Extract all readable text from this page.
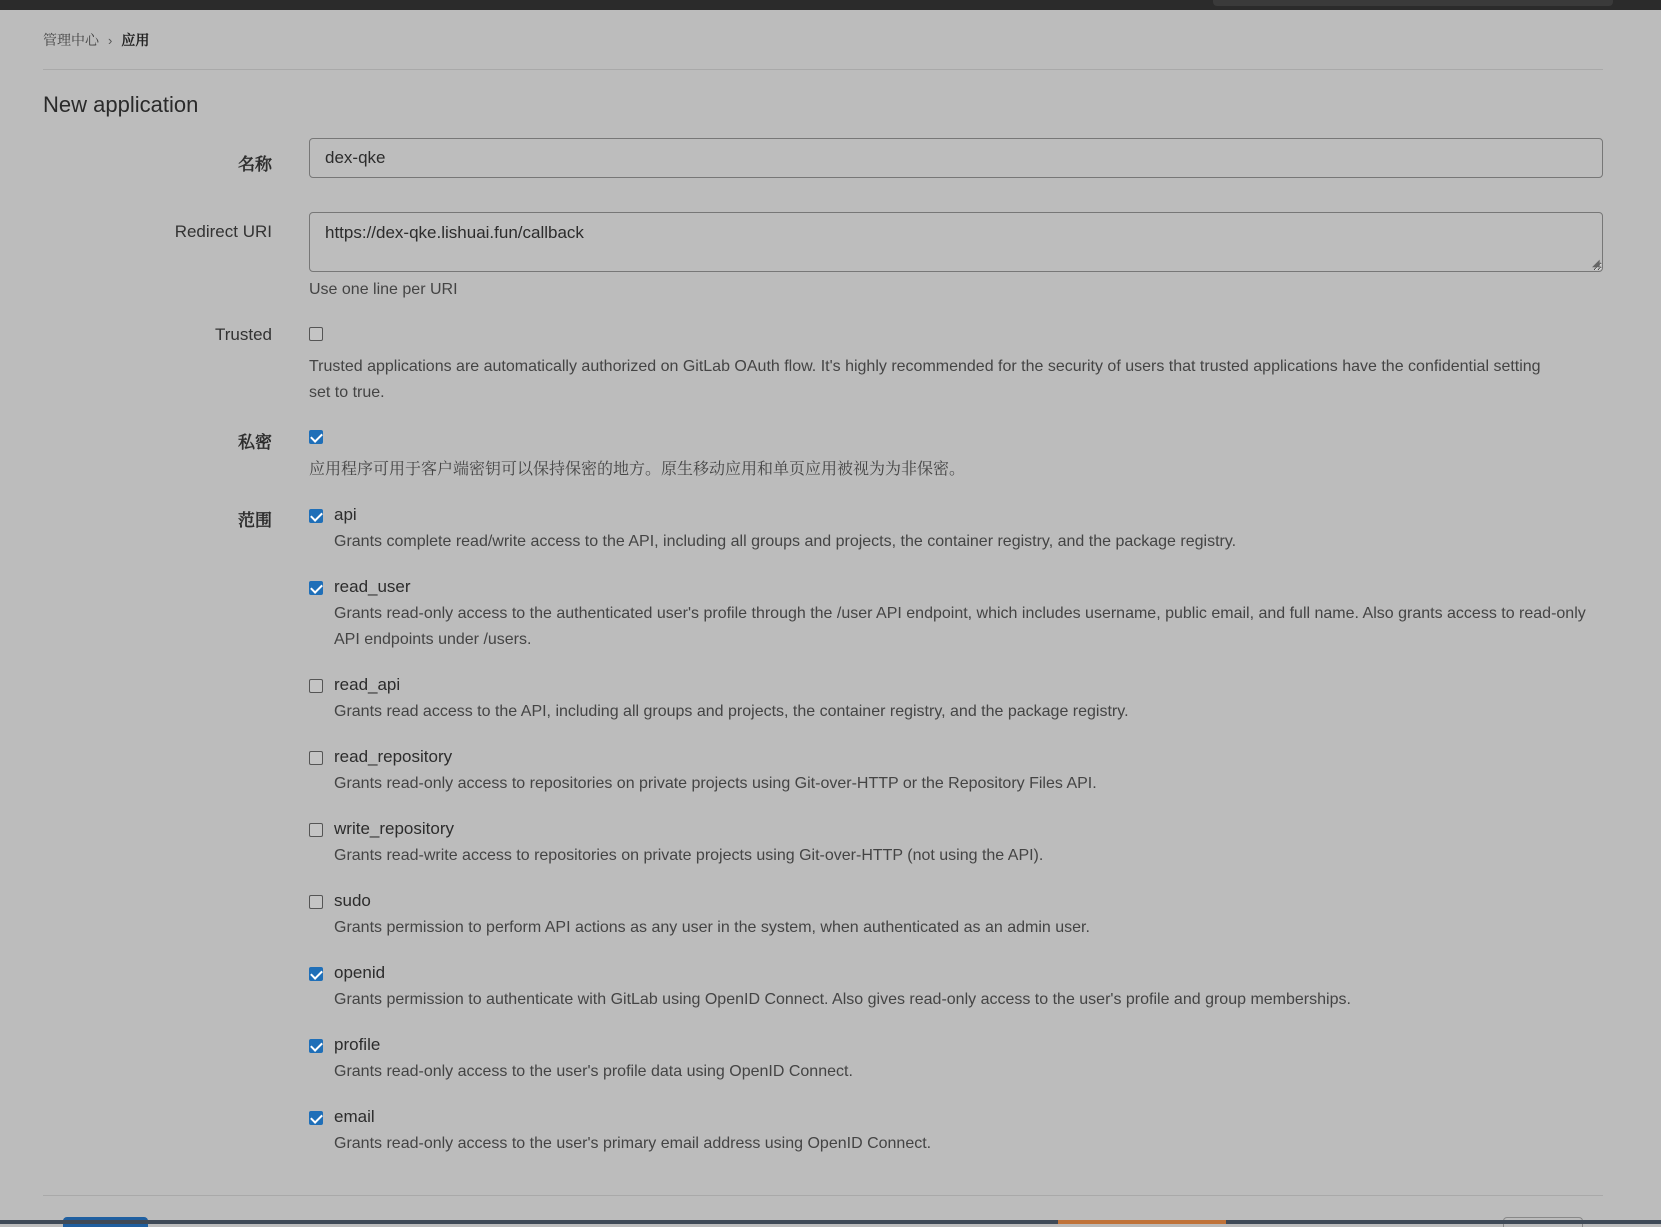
管理中心 › 应用
New application
名称
dex-qke
Redirect URI
https://dex-qke.lishuai.fun/callback
◢
Use one line per URI
Trusted
Trusted applications are automatically authorized on GitLab OAuth flow. It's highly recommended for the security of users that trusted applications have the confidential setting set to true.
私密
应用程序可用于客户端密钥可以保持保密的地方。原生移动应用和单页应用被视为为非保密。
范围	api
Grants complete read/write access to the API, including all groups and projects, the container registry, and the package registry.
read_user
Grants read-only access to the authenticated user's profile through the /user API endpoint, which includes username, public email, and full name. Also grants access to read-only API endpoints under /users.
read_api
Grants read access to the API, including all groups and projects, the container registry, and the package registry.
read_repository
Grants read-only access to repositories on private projects using Git-over-HTTP or the Repository Files API.
write_repository
Grants read-write access to repositories on private projects using Git-over-HTTP (not using the API).
sudo
Grants permission to perform API actions as any user in the system, when authenticated as an admin user.
openid
Grants permission to authenticate with GitLab using OpenID Connect. Also gives read-only access to the user's profile and group memberships.
profile
Grants read-only access to the user's profile data using OpenID Connect.
email
Grants read-only access to the user's primary email address using OpenID Connect.
